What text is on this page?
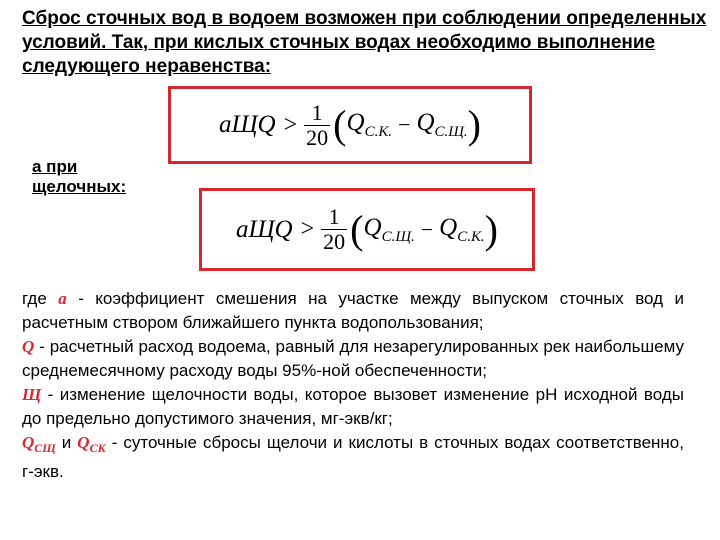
Сброс сточных вод в водоем возможен при соблюдении определенных условий. Так, при кислых сточных водах необходимо выполнение следующего неравенства:
аЩQ > $\frac{1}{20}$ ( $Q_{С.К.} - Q_{С.Щ.}$ )
а при щелочных:
аЩQ > $\frac{1}{20}$ ( $Q_{С.Щ.} - Q_{С.К.}$ )

где а - коэффициент смешения на участке между выпуском сточных вод и расчетным створом ближайшего пункта водопользования;

Q - расчетный расход водоема, равный для незарегулированных рек наибольшему среднемесячному расходу воды 95%-ной обеспеченности;

Щ - изменение щелочности воды, которое вызовет изменение рН исходной воды до предельно допустимого значения, мг-экв/кг;

$Q_{СЩ}$ и $Q_{СК}$ - суточные сбросы щелочи и кислоты в сточных водах соответственно, г-экв.
